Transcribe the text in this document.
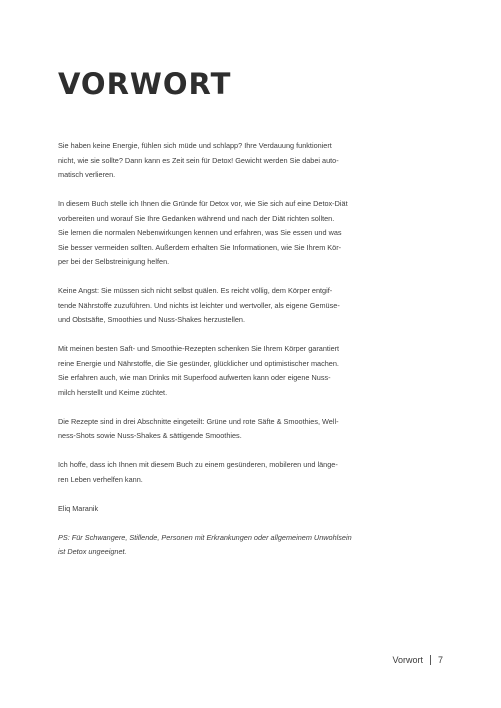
VORWORT

Sie haben keine Energie, fühlen sich müde und schlapp? Ihre Verdauung funktioniert
nicht, wie sie sollte? Dann kann es Zeit sein für Detox! Gewicht werden Sie dabei auto-
matisch verlieren.

In diesem Buch stelle ich Ihnen die Gründe für Detox vor, wie Sie sich auf eine Detox-Diät
vorbereiten und worauf Sie Ihre Gedanken während und nach der Diät richten sollten.
Sie lernen die normalen Nebenwirkungen kennen und erfahren, was Sie essen und was
Sie besser vermeiden sollten. Außerdem erhalten Sie Informationen, wie Sie Ihrem Kör-
per bei der Selbstreinigung helfen.

Keine Angst: Sie müssen sich nicht selbst quälen. Es reicht völlig, dem Körper entgif-
tende Nährstoffe zuzuführen. Und nichts ist leichter und wertvoller, als eigene Gemüse-
und Obstsäfte, Smoothies und Nuss-Shakes herzustellen.

Mit meinen besten Saft- und Smoothie-Rezepten schenken Sie Ihrem Körper garantiert
reine Energie und Nährstoffe, die Sie gesünder, glücklicher und optimistischer machen.
Sie erfahren auch, wie man Drinks mit Superfood aufwerten kann oder eigene Nuss-
milch herstellt und Keime züchtet.

Die Rezepte sind in drei Abschnitte eingeteilt: Grüne und rote Säfte & Smoothies, Well-
ness-Shots sowie Nuss-Shakes & sättigende Smoothies.

Ich hoffe, dass ich Ihnen mit diesem Buch zu einem gesünderen, mobileren und länge-
ren Leben verhelfen kann.

Eliq Maranik

PS: Für Schwangere, Stillende, Personen mit Erkrankungen oder allgemeinem Unwohlsein
ist Detox ungeeignet.

Vorwort 7
